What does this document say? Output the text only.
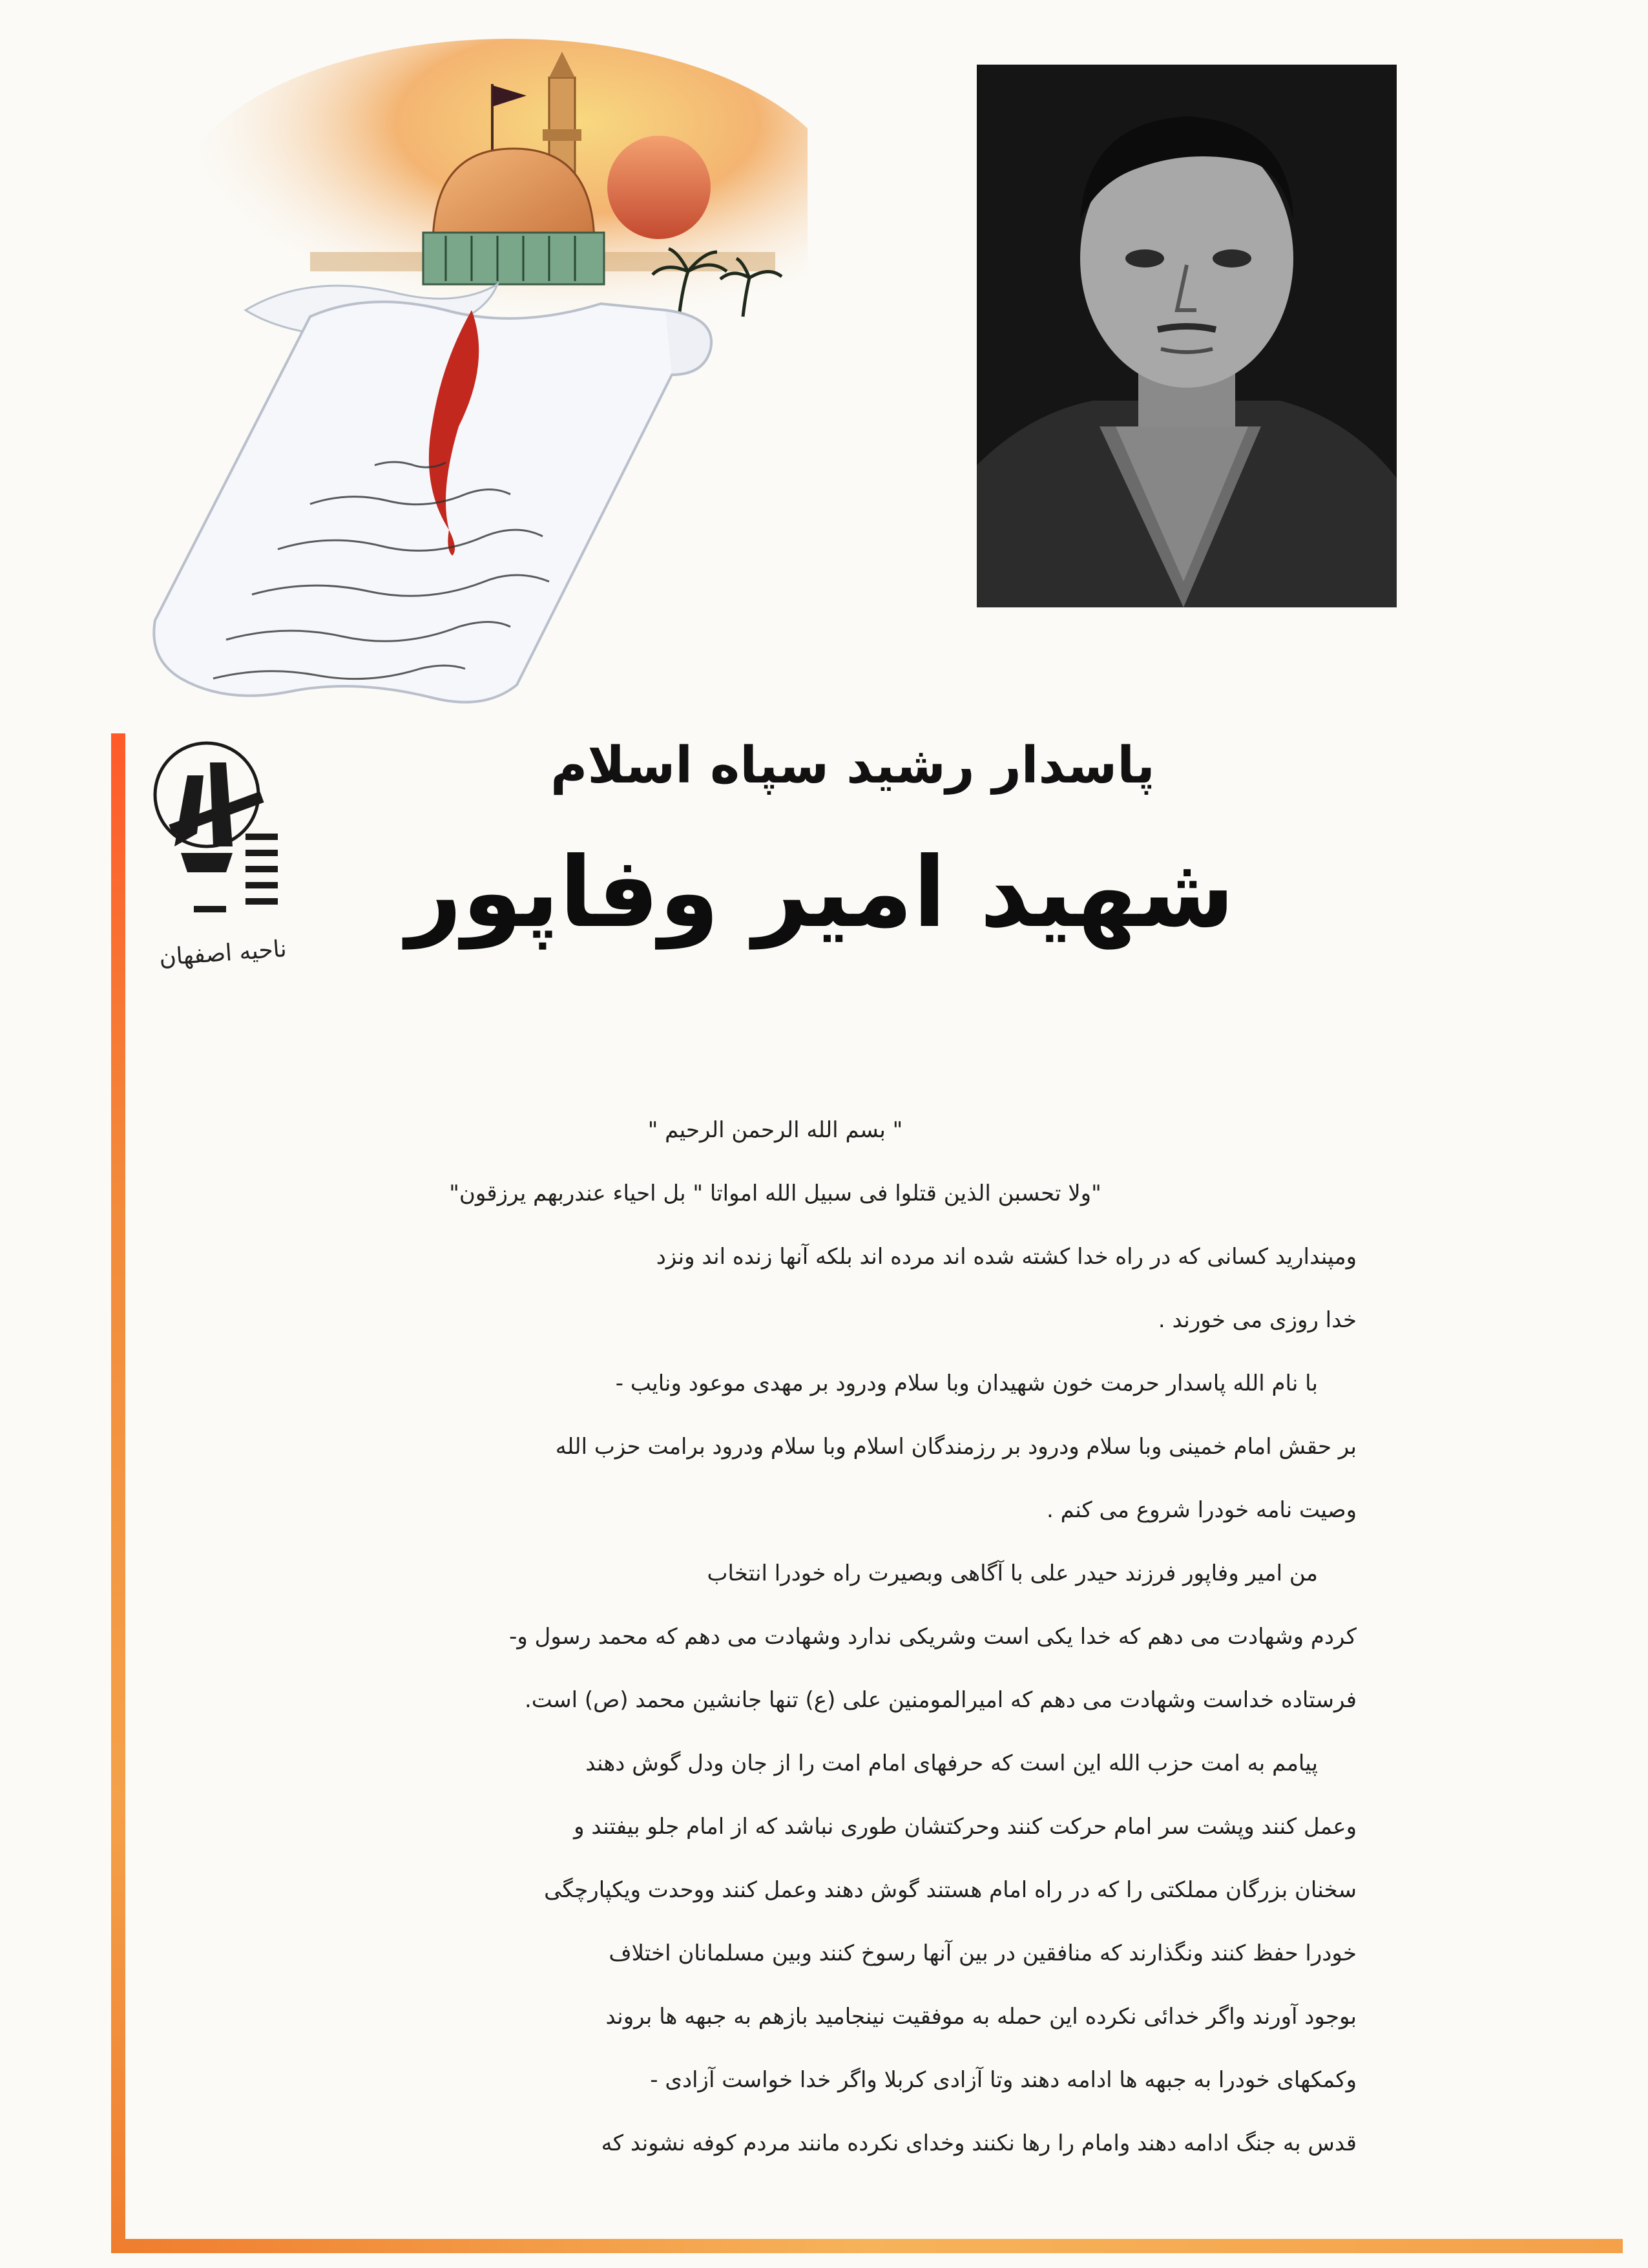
ناحیه اصفهان
پاسدار رشید سپاه اسلام
شهید امیر وفاپور
" بسم الله الرحمن الرحیم "
"ولا تحسبن الذین قتلوا فی سبیل الله امواتا " بل احیاء عندربهم یرزقون"
ومپندارید کسانی که در راه خدا کشته شده اند مرده اند بلکه آنها زنده اند ونزد
خدا روزی می خورند .
با نام الله پاسدار حرمت خون شهیدان وبا سلام ودرود بر مهدی موعود ونایب -
بر حقش امام خمینی وبا سلام ودرود بر رزمندگان اسلام وبا سلام ودرود برامت حزب الله
وصیت نامه خودرا شروع می کنم .
من امیر وفاپور فرزند حیدر علی با آگاهی وبصیرت راه خودرا انتخاب
کردم وشهادت می دهم که خدا یکی است وشریکی ندارد وشهادت می دهم که محمد رسول و-
فرستاده خداست وشهادت می دهم که امیرالمومنین علی (ع) تنها جانشین محمد (ص) است.
پیامم به امت حزب الله این است که حرفهای امام امت را از جان ودل گوش دهند
وعمل کنند وپشت سر امام حرکت کنند وحرکتشان طوری نباشد که از امام جلو بیفتند و
سخنان بزرگان مملکتی را که در راه امام هستند گوش دهند وعمل کنند ووحدت ویکپارچگی
خودرا حفظ کنند ونگذارند که منافقین در بین آنها رسوخ کنند وبین مسلمانان اختلاف
بوجود آورند واگر خدائی نکرده این حمله به موفقیت نینجامید بازهم به جبهه ها بروند
وکمکهای خودرا به جبهه ها ادامه دهند وتا آزادی کربلا واگر خدا خواست آزادی -
قدس به جنگ ادامه دهند وامام را رها نکنند وخدای نکرده مانند مردم کوفه نشوند که
